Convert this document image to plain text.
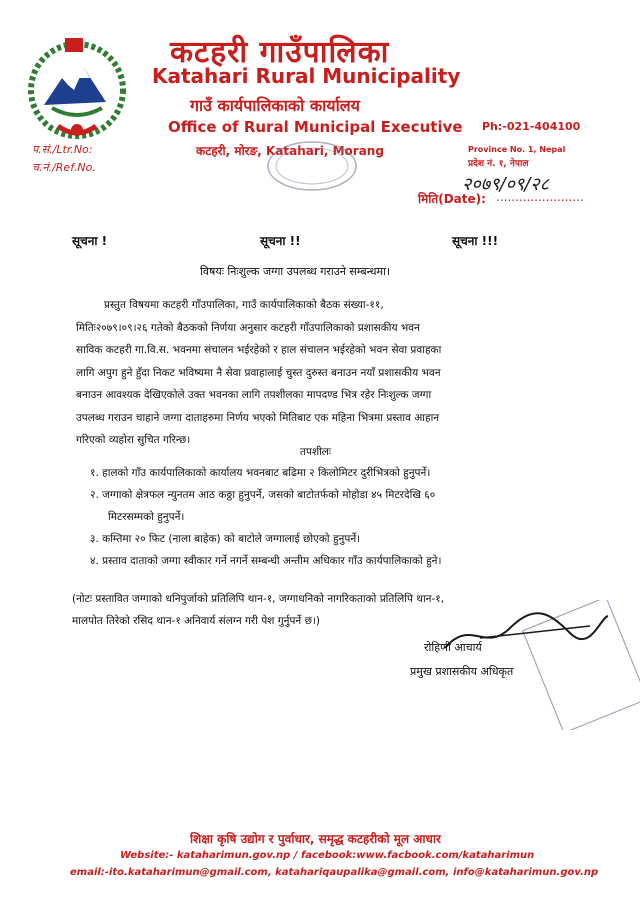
कटहरी गाउँपालिका
Katahari Rural Municipality
गाउँ कार्यपालिकाको कार्यालय
Office of Rural Municipal Executive
कटहरी, मोरङ, Katahari, Morang
प.सं./Ltr.No:
च.नं./Ref.No.
Ph:-021-404100
Province No. 1, Nepal
प्रदेश नं. १, नेपाल
२०७९/०९/२८
मिति(Date): .......................
सूचना !	सूचना !!	सूचना !!!
विषयः निःशुल्क जग्गा उपलब्ध गराउने सम्बन्धमा।
प्रस्तुत विषयमा कटहरी गाँउपालिका, गाउँ कार्यपालिकाको बैठक संख्या-११,
मितिः२०७९।०९।२६ गतेको बैठकको निर्णया अनुसार कटहरी गाँउपालिकाको प्रशासकीय भवन
साविक कटहरी गा.वि.स. भवनमा संचालन भईरहेको र हाल संचालन भईरहेको भवन सेवा प्रवाहका
लागि अपुग हुने हुँदा निकट भविष्यमा नै सेवा प्रवाहालाई चुस्त दुरुस्त बनाउन नयाँ प्रशासकीय भवन
बनाउन आवश्यक देखिएकोले उक्त भवनका लागि तपशीलका मापदण्ड भित्र रहेर निःशुल्क जग्गा
उपलब्ध गराउन चाहाने जग्गा दाताहरुमा निर्णय भएको मितिबाट एक महिना भित्रमा प्रस्ताव आहान
गरिएको व्यहोरा सुचित गरिन्छ।
तपशीलः

१. हालको गाँउ कार्यपालिकाको कार्यालय भवनबाट बढिमा २ किलोमिटर दुरीभित्रको हुनुपर्ने।

२. जग्गाको क्षेत्रफल न्युनतम आठ कठ्ठा हुनुपर्ने, जसको बाटोतर्फको मोहोडा ४५ मिटरदेखि ६०

मिटरसम्मको हुनुपर्ने।

३. कम्तिमा २० फिट (नाला बाहेक) को बाटोले जग्गालाई छोएको हुनुपर्ने।

४. प्रस्ताव दाताको जग्गा स्वीकार गर्ने नगर्ने सम्बन्धी अन्तीम अधिकार गाँउ कार्यपालिकाको हुने।

(नोटः प्रस्तावित जग्गाको धनिपुर्जाको प्रतिलिपि थान-१, जग्गाधनिको नागरिकताको प्रतिलिपि थान-१,
मालपोत तिरेको रसिद थान-१ अनिवार्य संलग्न गरी पेश गुर्नुपर्ने छ।)
रोहिणी आचार्य
प्रमुख प्रशासकीय अधिकृत
शिक्षा कृषि उद्योग र पुर्वाधार, समृद्ध कटहरीको मूल आधार
Website:- kataharimun.gov.np / facebook:www.facbook.com/kataharimun
email:-ito.kataharimun@gmail.com, katahariqaupalika@gmail.com, info@kataharimun.gov.np
